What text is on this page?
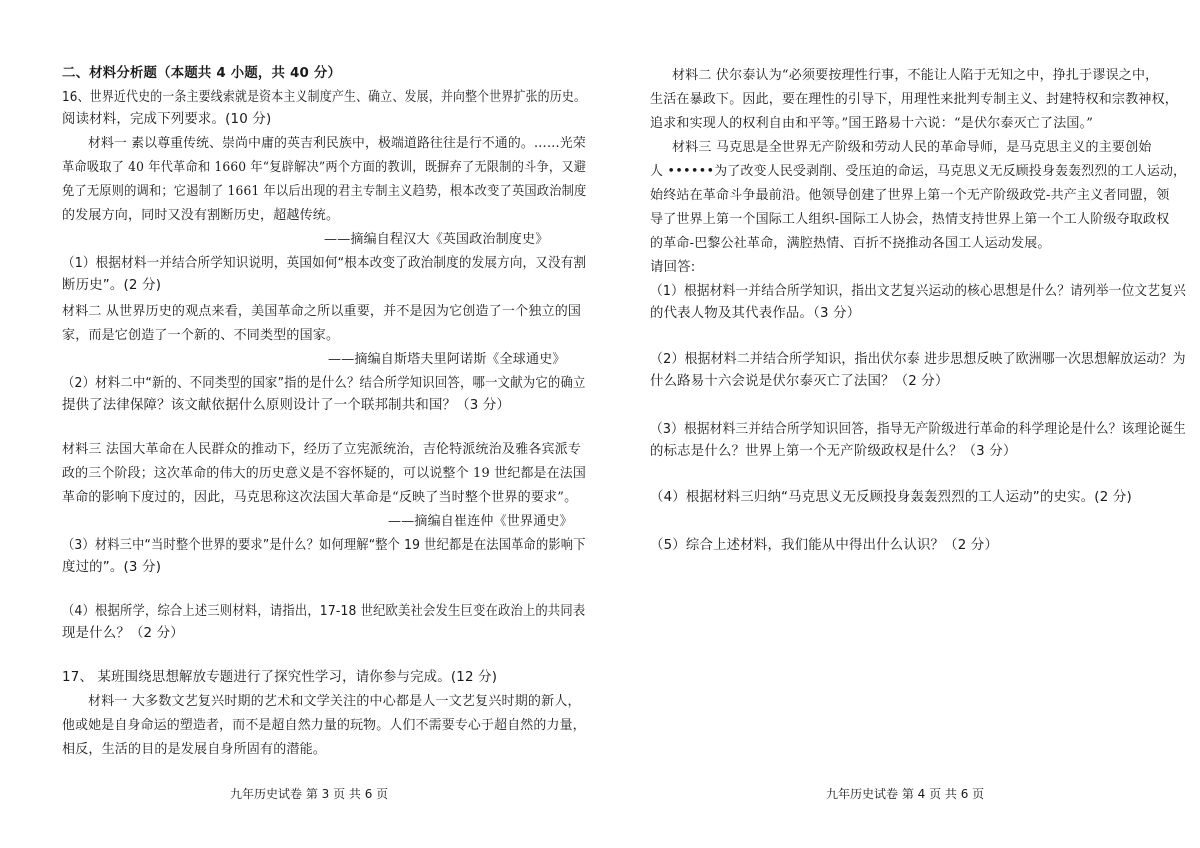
二、材料分析题（本题共 4 小题，共 40 分）
16、世界近代史的一条主要线索就是资本主义制度产生、确立、发展，并向整个世界扩张的历史。
阅读材料，完成下列要求。(10 分)
材料一 素以尊重传统、崇尚中庸的英吉利民族中，极端道路往往是行不通的。……光荣
革命吸取了 40 年代革命和 1660 年“复辟解决”两个方面的教训，既摒弃了无限制的斗争，又避
免了无原则的调和；它遏制了 1661 年以后出现的君主专制主义趋势，根本改变了英国政治制度
的发展方向，同时又没有割断历史，超越传统。
——摘编自程汉大《英国政治制度史》
（1）根据材料一并结合所学知识说明，英国如何“根本改变了政治制度的发展方向，又没有割
断历史”。(2 分)
材料二 从世界历史的观点来看，美国革命之所以重要，并不是因为它创造了一个独立的国
家，而是它创造了一个新的、不同类型的国家。
——摘编自斯塔夫里阿诺斯《全球通史》
（2）材料二中“新的、不同类型的国家”指的是什么？结合所学知识回答，哪一文献为它的确立
提供了法律保障？该文献依据什么原则设计了一个联邦制共和国？（3 分）
材料三 法国大革命在人民群众的推动下，经历了立宪派统治，吉伦特派统治及雅各宾派专
政的三个阶段；这次革命的伟大的历史意义是不容怀疑的，可以说整个 19 世纪都是在法国
革命的影响下度过的，因此，马克思称这次法国大革命是“反映了当时整个世界的要求”。
——摘编自崔连仲《世界通史》
（3）材料三中“当时整个世界的要求”是什么？如何理解“整个 19 世纪都是在法国革命的影响下
度过的”。(3 分)
（4）根据所学，综合上述三则材料，请指出，17-18 世纪欧美社会发生巨变在政治上的共同表
现是什么？（2 分）
17、 某班围绕思想解放专题进行了探究性学习，请你参与完成。(12 分)
材料一 大多数文艺复兴时期的艺术和文学关注的中心都是人一文艺复兴时期的新人，
他或她是自身命运的塑造者，而不是超自然力量的玩物。人们不需要专心于超自然的力量，
相反，生活的目的是发展自身所固有的潜能。
九年历史试卷 第 3 页 共 6 页
材料二 伏尔泰认为“必须要按理性行事，不能让人陷于无知之中，挣扎于谬误之中，
生活在暴政下。因此，要在理性的引导下，用理性来批判专制主义、封建特权和宗教神权，
追求和实现人的权利自由和平等。”国王路易十六说：“是伏尔泰灭亡了法国。”
材料三 马克思是全世界无产阶级和劳动人民的革命导师，是马克思主义的主要创始
人 ••••••为了改变人民受剥削、受压迫的命运，马克思义无反顾投身轰轰烈烈的工人运动，
始终站在革命斗争最前沿。他领导创建了世界上第一个无产阶级政党-共产主义者同盟，领
导了世界上第一个国际工人组织-国际工人协会，热情支持世界上第一个工人阶级夺取政权
的革命-巴黎公社革命，满腔热情、百折不挠推动各国工人运动发展。
请回答:
（1）根据材料一并结合所学知识，指出文艺复兴运动的核心思想是什么？请列举一位文艺复兴
的代表人物及其代表作品。（3 分）
（2）根据材料二并结合所学知识，指出伏尔泰 进步思想反映了欧洲哪一次思想解放运动？为
什么路易十六会说是伏尔泰灭亡了法国？（2 分）
（3）根据材料三并结合所学知识回答，指导无产阶级进行革命的科学理论是什么？该理论诞生
的标志是什么？世界上第一个无产阶级政权是什么？（3 分）
（4）根据材料三归纳“马克思义无反顾投身轰轰烈烈的工人运动”的史实。(2 分)
（5）综合上述材料，我们能从中得出什么认识？（2 分）
九年历史试卷 第 4 页 共 6 页
